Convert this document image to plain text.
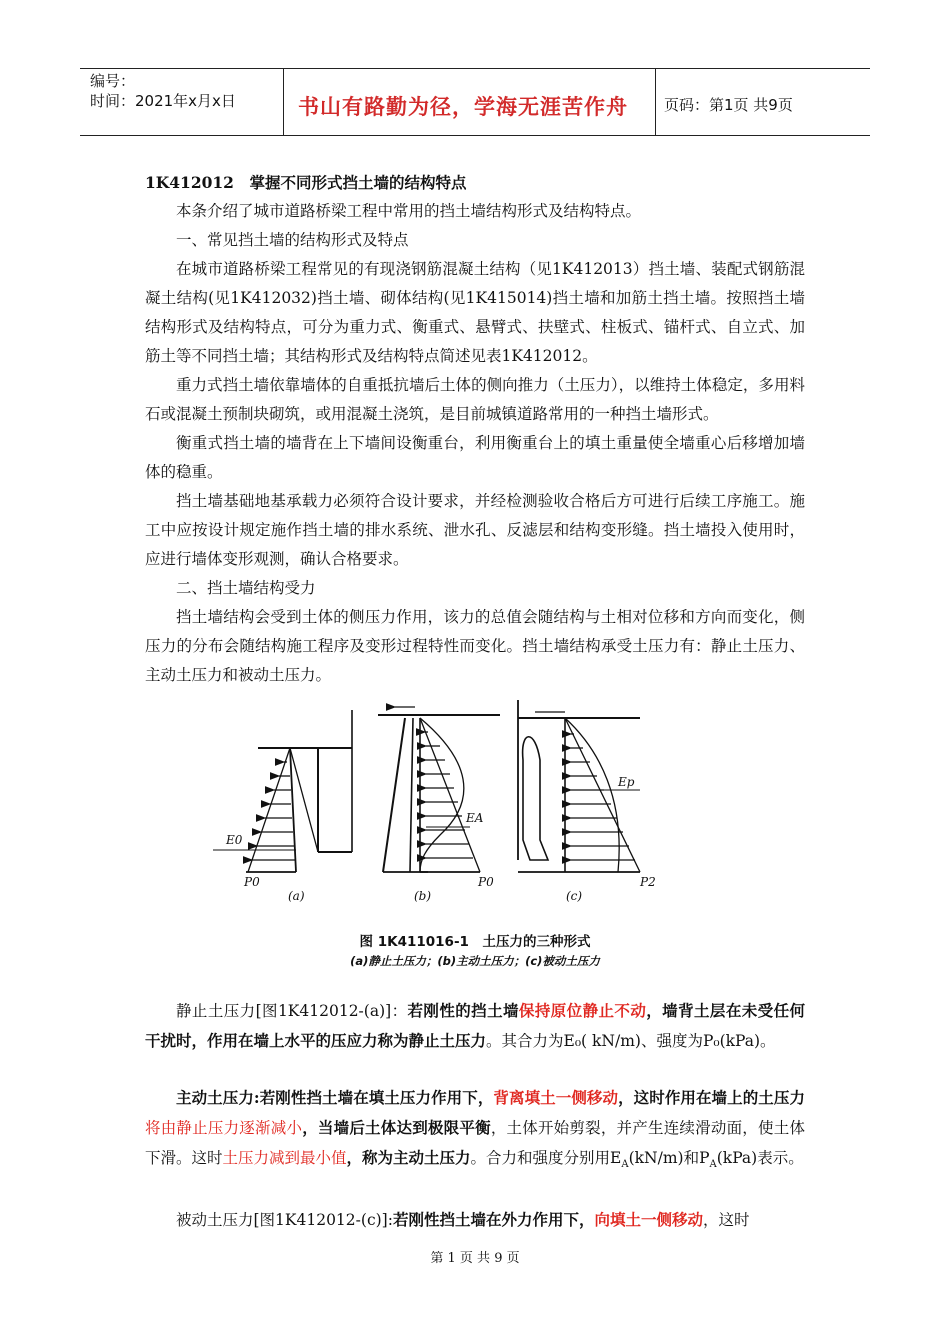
编号：
时间：2021年x月x日	书山有路勤为径，学海无涯苦作舟 页码：第1页 共9页
1K412012　掌握不同形式挡土墙的结构特点
本条介绍了城市道路桥梁工程中常用的挡土墙结构形式及结构特点。
一、常见挡土墙的结构形式及特点
在城市道路桥梁工程常见的有现浇钢筋混凝土结构（见1K412013）挡土墙、装配式钢筋混凝土结构(见1K412032)挡土墙、砌体结构(见1K415014)挡土墙和加筋土挡土墙。按照挡土墙结构形式及结构特点，可分为重力式、衡重式、悬臂式、扶壁式、柱板式、锚杆式、自立式、加筋土等不同挡土墙；其结构形式及结构特点简述见表1K412012。
重力式挡土墙依靠墙体的自重抵抗墙后土体的侧向推力（土压力），以维持土体稳定，多用料石或混凝土预制块砌筑，或用混凝土浇筑，是目前城镇道路常用的一种挡土墙形式。
衡重式挡土墙的墙背在上下墙间设衡重台，利用衡重台上的填土重量使全墙重心后移增加墙体的稳重。
挡土墙基础地基承载力必须符合设计要求，并经检测验收合格后方可进行后续工序施工。施工中应按设计规定施作挡土墙的排水系统、泄水孔、反滤层和结构变形缝。挡土墙投入使用时，应进行墙体变形观测，确认合格要求。
二、挡土墙结构受力
挡土墙结构会受到土体的侧压力作用，该力的总值会随结构与土相对位移和方向而变化，侧压力的分布会随结构施工程序及变形过程特性而变化。挡土墙结构承受土压力有：静止土压力、主动土压力和被动土压力。
E0
P0
(a)
EA
P0
(b)
Ep
P2
(c)
图 1K411016-1　土压力的三种形式
(a)静止土压力；(b)主动土压力；(c)被动土压力
静止土压力[图1K412012-(a)]：若刚性的挡土墙保持原位静止不动，墙背土层在未受任何干扰时，作用在墙上水平的压应力称为静止土压力。其合力为E₀( kN/m)、强度为P₀(kPa)。
主动土压力:若刚性挡土墙在填土压力作用下，背离填土一侧移动，这时作用在墙上的土压力将由静止压力逐渐减小，当墙后土体达到极限平衡，土体开始剪裂，并产生连续滑动面，使土体下滑。这时土压力减到最小值，称为主动土压力。合力和强度分别用$E_A(kN/m)$和$P_A(kPa)$表示。
被动土压力[图1K412012-(c)]:若刚性挡土墙在外力作用下，向填土一侧移动，这时
第 1 页 共 9 页
